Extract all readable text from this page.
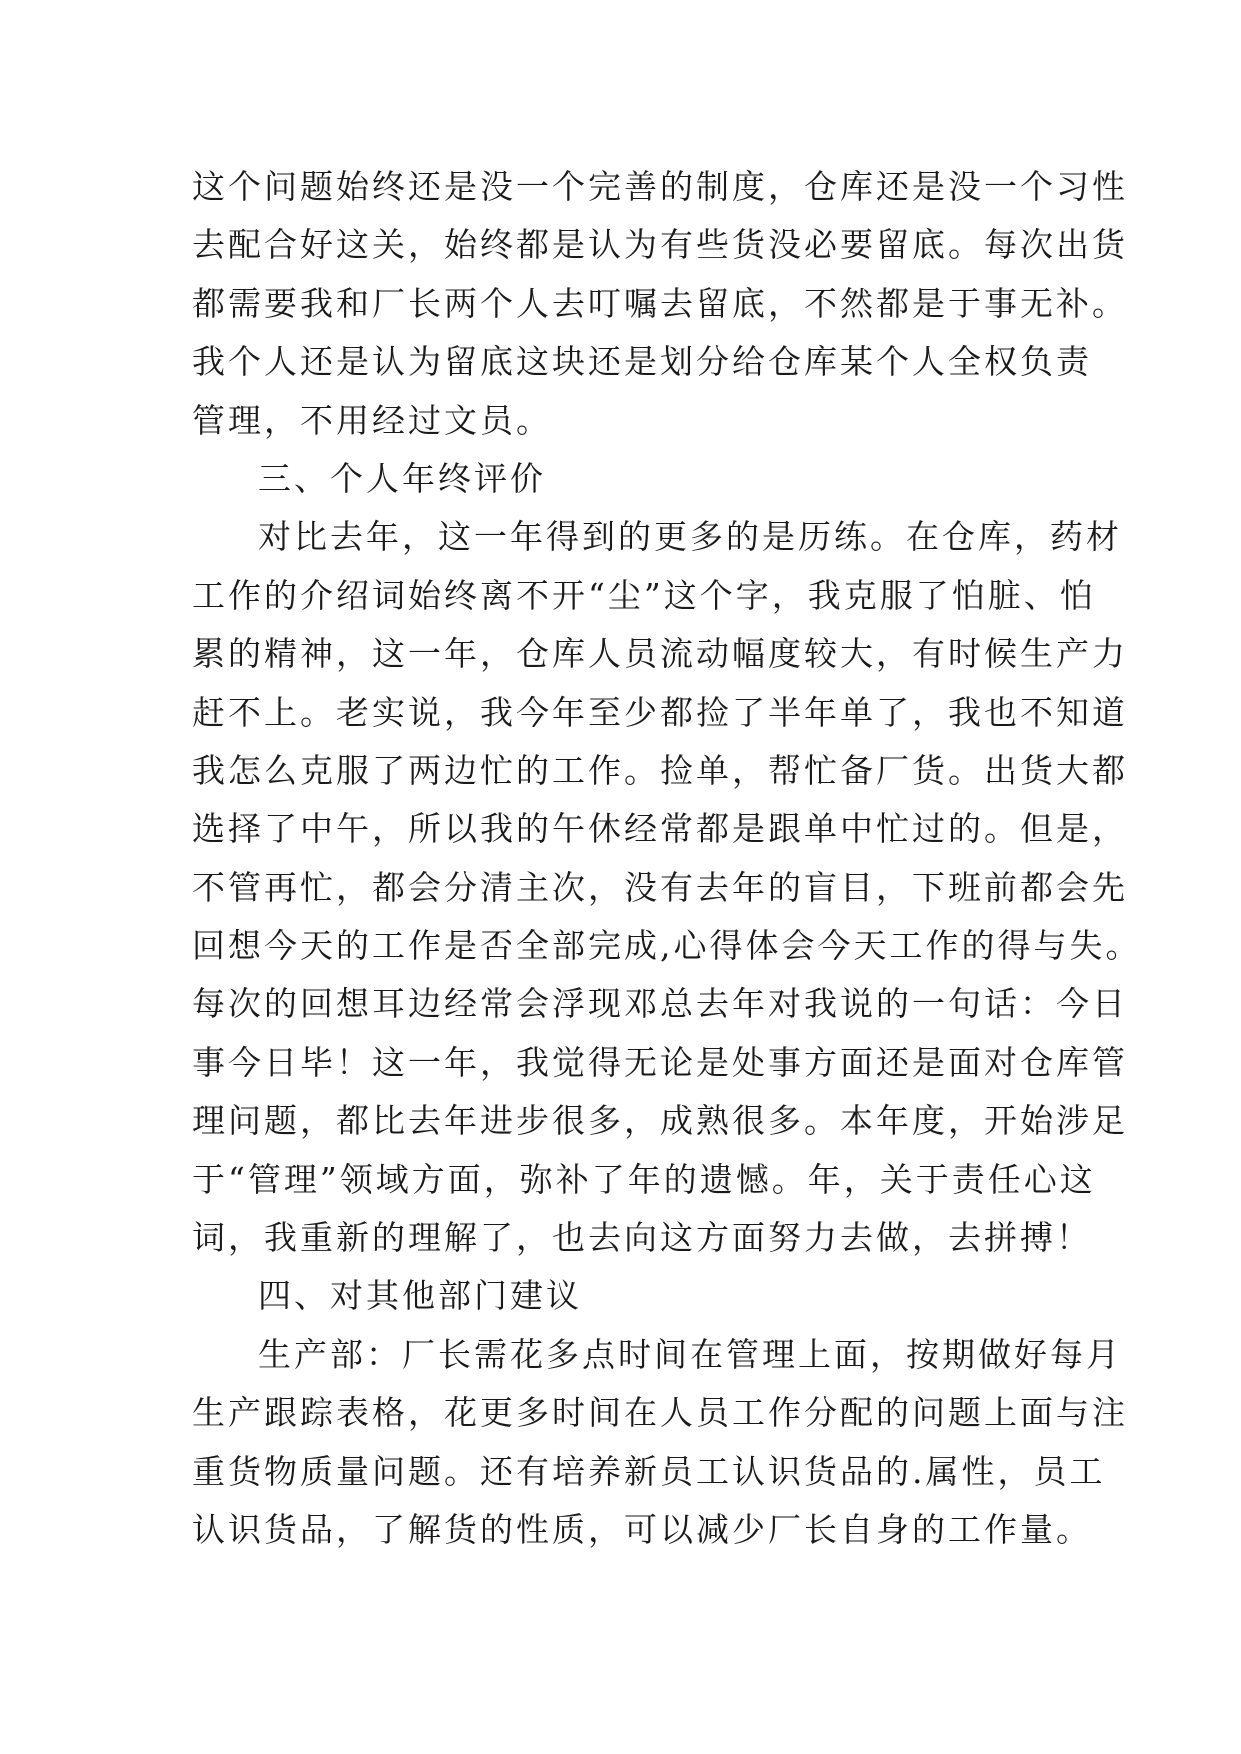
这个问题始终还是没一个完善的制度，仓库还是没一个习性
去配合好这关，始终都是认为有些货没必要留底。每次出货
都需要我和厂长两个人去叮嘱去留底，不然都是于事无补。
我个人还是认为留底这块还是划分给仓库某个人全权负责
管理，不用经过文员。
三、个人年终评价
对比去年，这一年得到的更多的是历练。在仓库，药材
工作的介绍词始终离不开“尘”这个字，我克服了怕脏、怕
累的精神，这一年，仓库人员流动幅度较大，有时候生产力
赶不上。老实说，我今年至少都捡了半年单了，我也不知道
我怎么克服了两边忙的工作。捡单，帮忙备厂货。出货大都
选择了中午，所以我的午休经常都是跟单中忙过的。但是，
不管再忙，都会分清主次，没有去年的盲目，下班前都会先
回想今天的工作是否全部完成,心得体会今天工作的得与失。
每次的回想耳边经常会浮现邓总去年对我说的一句话：今日
事今日毕！这一年，我觉得无论是处事方面还是面对仓库管
理问题，都比去年进步很多，成熟很多。本年度，开始涉足
于“管理”领域方面，弥补了年的遗憾。年，关于责任心这
词，我重新的理解了，也去向这方面努力去做，去拼搏！
四、对其他部门建议
生产部：厂长需花多点时间在管理上面，按期做好每月
生产跟踪表格，花更多时间在人员工作分配的问题上面与注
重货物质量问题。还有培养新员工认识货品的.属性，员工
认识货品，了解货的性质，可以减少厂长自身的工作量。
